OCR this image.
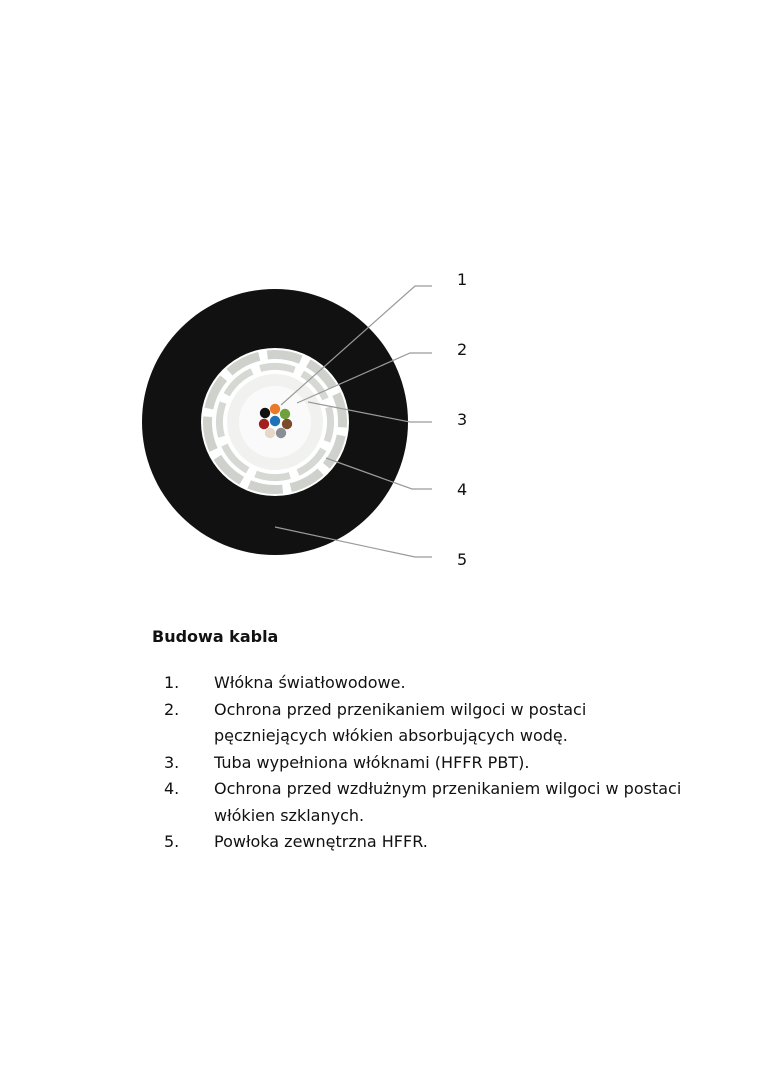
1
2
3
4
5
Budowa kabla
1.	Włókna światłowodowe.
2.	Ochrona przed przenikaniem wilgoci w postaci pęczniejących włókien absorbujących wodę.
3.	Tuba wypełniona włóknami (HFFR PBT).
4.	Ochrona przed wzdłużnym przenikaniem wilgoci w postaci włókien szklanych.
5.	Powłoka zewnętrzna HFFR.
